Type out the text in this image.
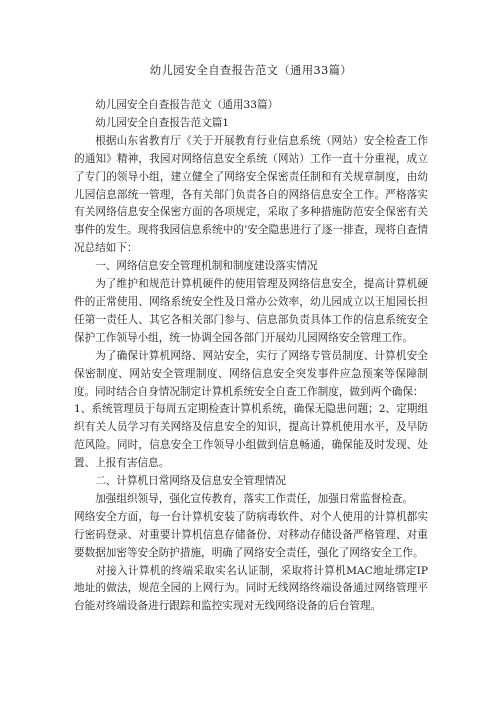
幼儿园安全自查报告范文（通用33篇）

幼儿园安全自查报告范文（通用33篇）

幼儿园安全自查报告范文篇1

根据山东省教育厅《关于开展教育行业信息系统（网站）安全检查工作的通知》精神，我园对网络信息安全系统（网站）工作一直十分重视，成立了专门的领导小组，建立健全了网络安全保密责任制和有关规章制度，由幼儿园信息部统一管理，各有关部门负责各自的网络信息安全工作。严格落实有关网络信息安全保密方面的各项规定，采取了多种措施防范安全保密有关事件的发生。现将我园信息系统中的’安全隐患进行了逐一排查，现将自查情况总结如下：

一、网络信息安全管理机制和制度建设落实情况

为了维护和规范计算机硬件的使用管理及网络信息安全，提高计算机硬件的正常使用、网络系统安全性及日常办公效率，幼儿园成立以王旭园长担任第一责任人、其它各相关部门参与、信息部负责具体工作的信息系统安全保护工作领导小组，统一协调全园各部门开展幼儿园网络安全管理工作。

为了确保计算机网络、网站安全，实行了网络专管员制度、计算机安全保密制度、网站安全管理制度、网络信息安全突发事件应急预案等保障制度。同时结合自身情况制定计算机系统安全自查工作制度，做到两个确保：

1、系统管理员于每周五定期检查计算机系统，确保无隐患问题；2、定期组织有关人员学习有关网络及信息安全的知识，提高计算机使用水平，及早防范风险。同时，信息安全工作领导小组做到信息畅通，确保能及时发现、处置、上报有害信息。

二、计算机日常网络及信息安全管理情况

加强组织领导，强化宣传教育，落实工作责任，加强日常监督检查。

网络安全方面，每一台计算机安装了防病毒软件、对个人使用的计算机都实行密码登录、对重要计算机信息存储备份、对移动存储设备严格管理、对重要数据加密等安全防护措施，明确了网络安全责任，强化了网络安全工作。

对接入计算机的终端采取实名认证制，采取将计算机MAC地址绑定IP地址的做法，规范全园的上网行为。同时无线网络终端设备通过网络管理平台能对终端设备进行跟踪和监控实现对无线网络设备的后台管理。
